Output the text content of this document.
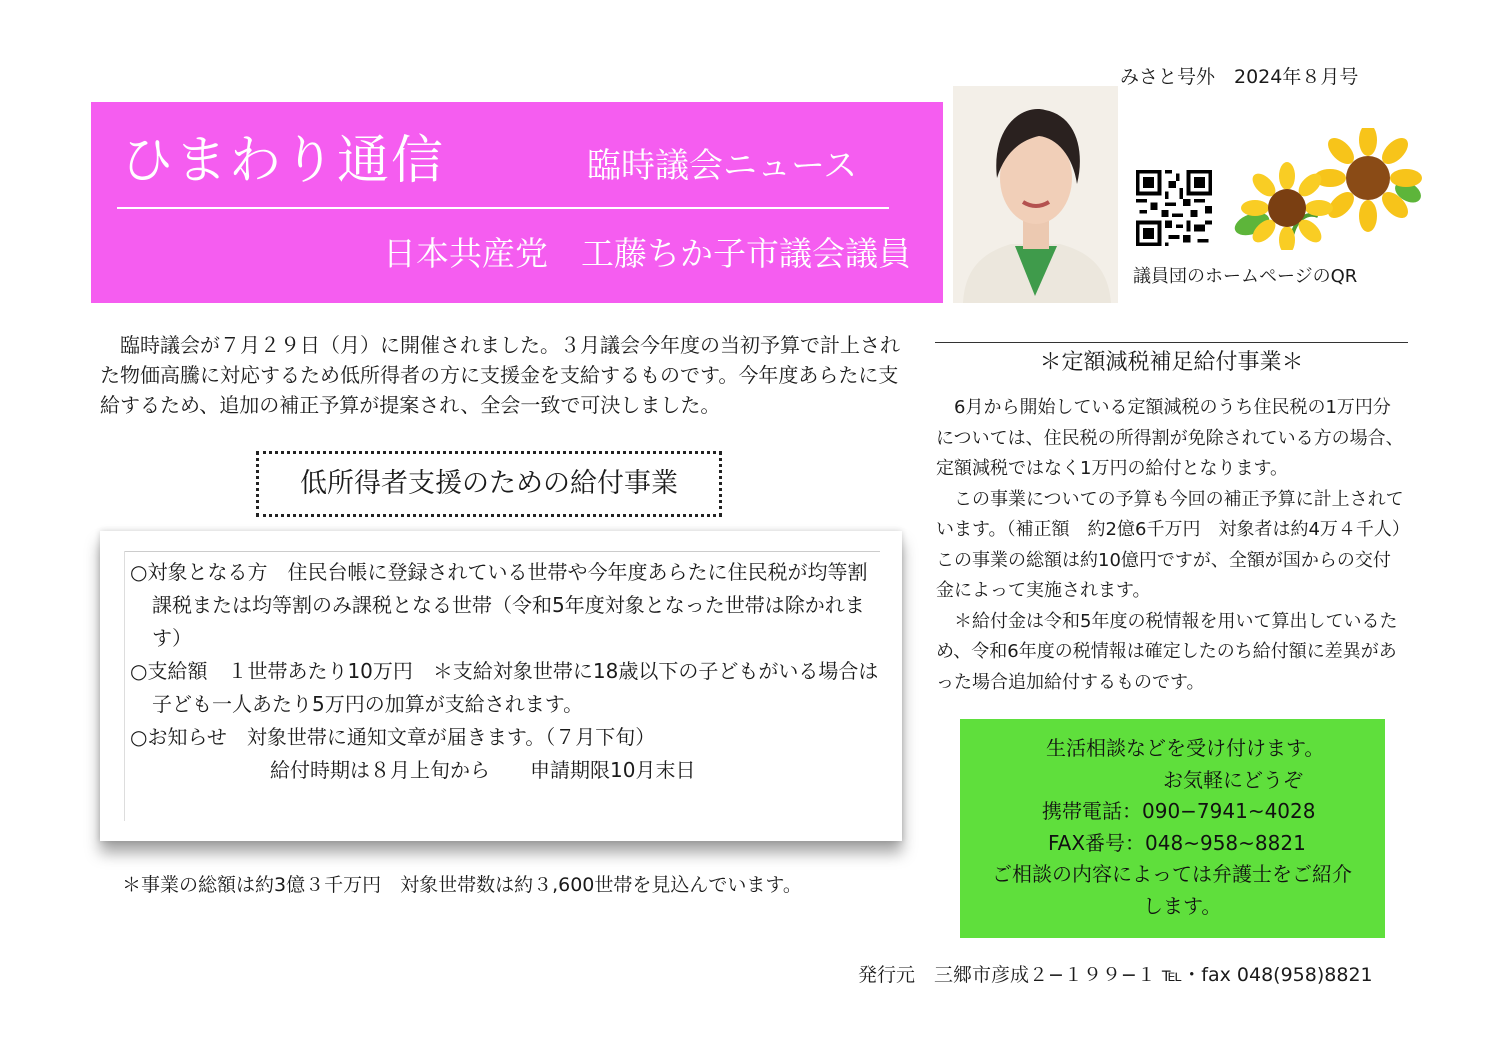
みさと号外　2024年８月号
ひまわり通信	臨時議会ニュース
日本共産党　工藤ちか子市議会議員
議員団のホームページのQR
臨時議会が７月２９日（月）に開催されました。３月議会今年度の当初予算で計上された物価高騰に対応するため低所得者の方に支援金を支給するものです。今年度あらたに支給するため、追加の補正予算が提案され、全会一致で可決しました。
低所得者支援のための給付事業
○対象となる方　住民台帳に登録されている世帯や今年度あらたに住民税が均等割課税または均等割のみ課税となる世帯（令和5年度対象となった世帯は除かれます）
○支給額　１世帯あたり10万円　＊支給対象世帯に18歳以下の子どもがいる場合は子ども一人あたり5万円の加算が支給されます。
○お知らせ　対象世帯に通知文章が届きます。（７月下旬）
給付時期は８月上旬から　　申請期限10月末日
＊事業の総額は約3億３千万円　対象世帯数は約３,600世帯を見込んでいます。
＊定額減税補足給付事業＊

6月から開始している定額減税のうち住民税の1万円分については、住民税の所得割が免除されている方の場合、定額減税ではなく1万円の給付となります。

この事業についての予算も今回の補正予算に計上されています。（補正額　約2億6千万円　対象者は約4万４千人）この事業の総額は約10億円ですが、全額が国からの交付金によって実施されます。

＊給付金は令和5年度の税情報を用いて算出しているため、令和6年度の税情報は確定したのち給付額に差異があった場合追加給付するものです。

生活相談などを受け付けます。
お気軽にどうぞ
携帯電話：090−7941~4028
FAX番号：048~958~8821
ご相談の内容によっては弁護士をご紹介
します。
発行元　三郷市彦成２−１９９−１ ℡・fax 048(958)8821
